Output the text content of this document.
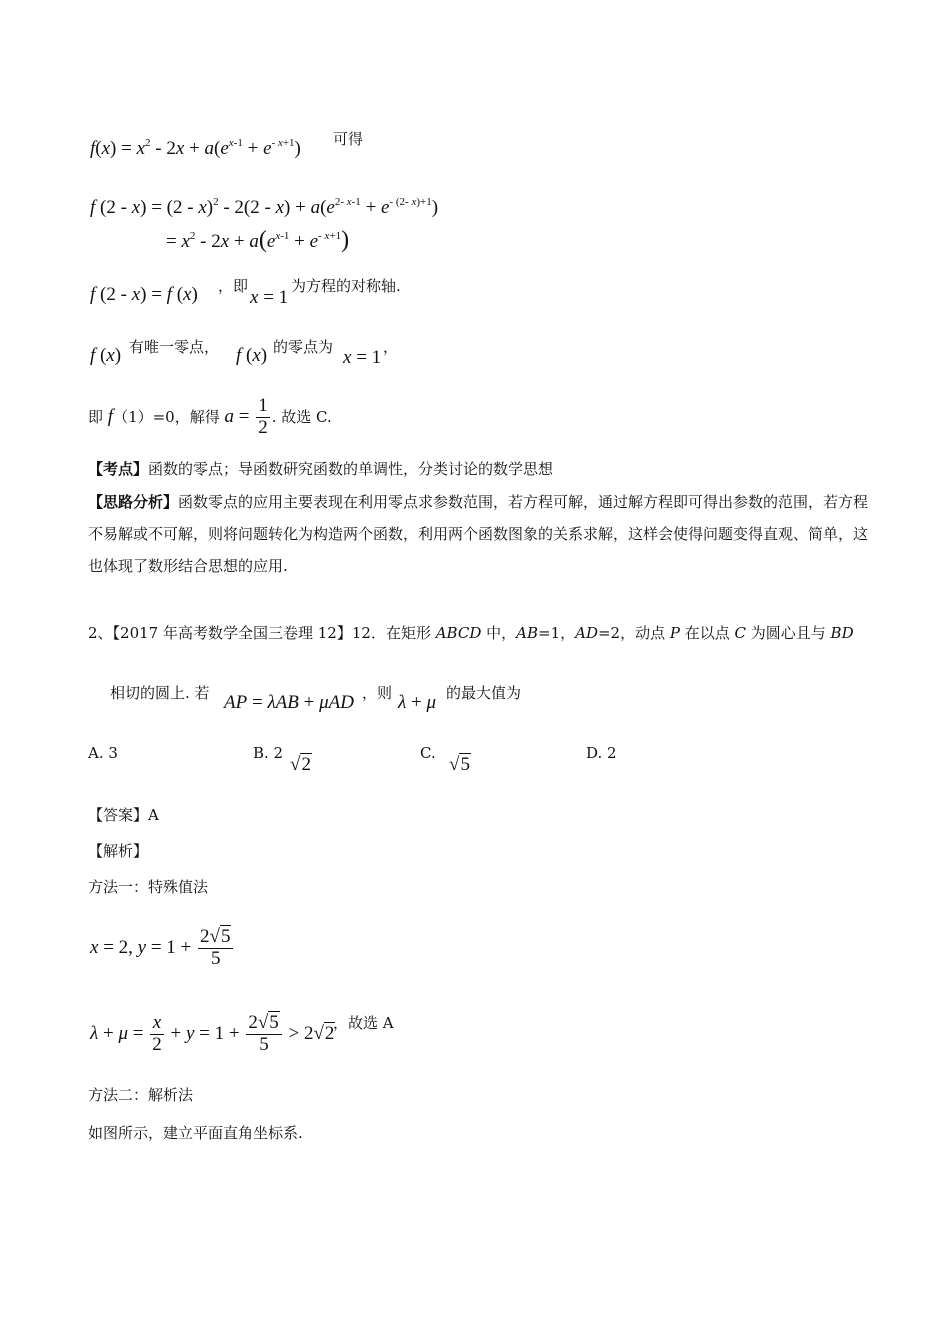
$f(x) = x^2 - 2x + a(e^{x-1} + e^{- x+1})$ 可得
f $(2 - x) = (2 - x)^2 - 2(2 - x) + a(e^{2- x-1} + e^{- (2- x)+1})$
= $x^2 - 2x + a(e^{x-1} + e^{- x+1})$
f (2 - x) = f (x) ，即
x = 1
为方程的对称轴.
f (x) 有唯一零点， f (x) 的零点为 x = 1 ，
即 f（1）=0，解得 $a = \frac{1}{2}$ . 故选 C.
【考点】函数的零点；导函数研究函数的单调性，分类讨论的数学思想
【思路分析】函数零点的应用主要表现在利用零点求参数范围，若方程可解，通过解方程即可得出参数的范围，若方程不易解或不可解，则将问题转化为构造两个函数，利用两个函数图象的关系求解，这样会使得问题变得直观、简单，这也体现了数形结合思想的应用.
2、【2017 年高考数学全国三卷理 12】12．在矩形 ABCD 中，AB=1，AD=2，动点 P 在以点 C 为圆心且与 BD
相切的圆上. 若 AP = λAB + μAD ，则 λ + μ 的最大值为
A. 3	B. 2
√2
C.
√5
D. 2
【答案】A
【解析】
方法一：特殊值法
x = 2, $y = 1 + \frac{2√5}{5}$
$\lambda + \mu = \frac{x}{2} + y = 1 + \frac{2√5}{5} > 2√2$
，故选 A
方法二：解析法
如图所示，建立平面直角坐标系.
